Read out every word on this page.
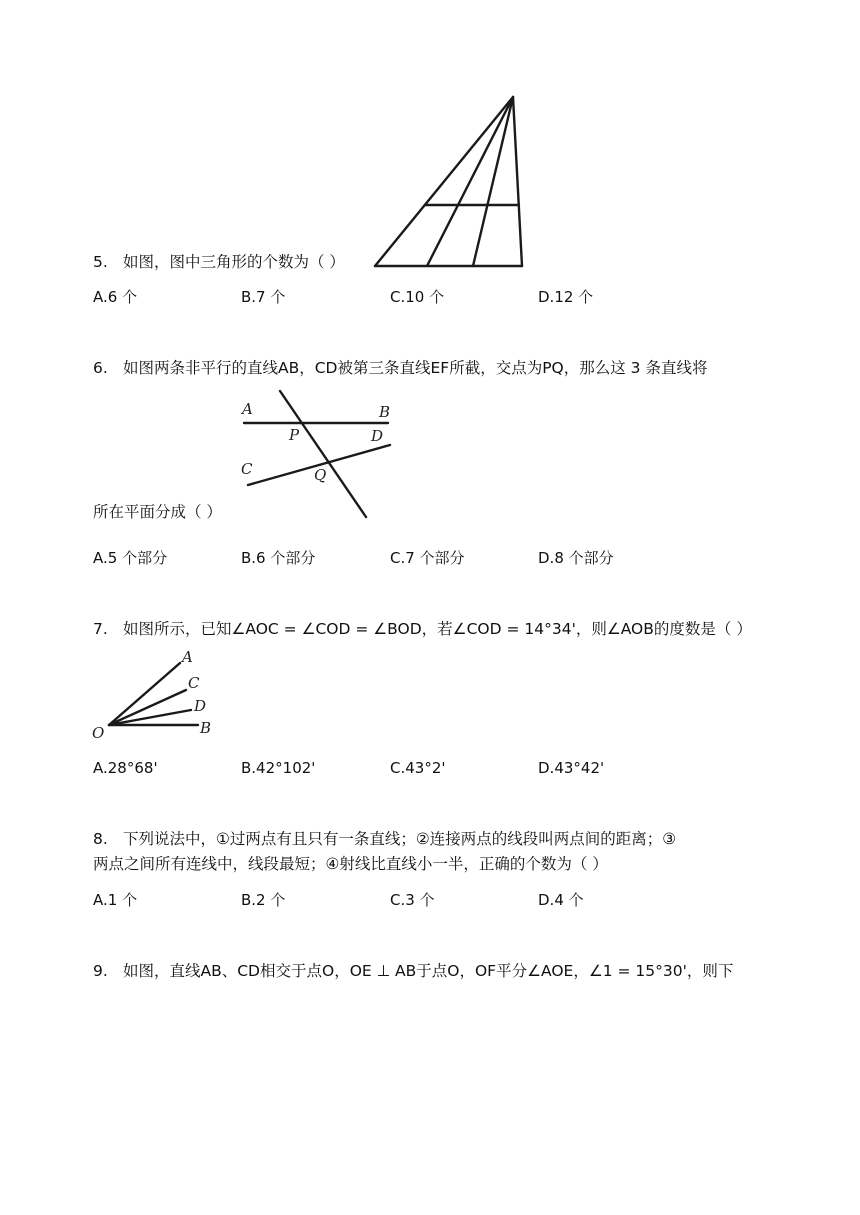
5. 如图，图中三角形的个数为（ ）
A.6 个	B.7 个	C.10 个	D.12 个
6. 如图两条非平行的直线AB，CD被第三条直线EF所截，交点为PQ，那么这 3 条直线将
A	B
P	D
C	Q
所在平面分成（ ）
A.5 个部分	B.6 个部分	C.7 个部分	D.8 个部分
7. 如图所示，已知∠AOC = ∠COD = ∠BOD，若∠COD = 14°34'，则∠AOB的度数是（ ）
O
A
C
D
B
A.28°68'	B.42°102'	C.43°2'	D.43°42'
8. 下列说法中，①过两点有且只有一条直线；②连接两点的线段叫两点间的距离；③
两点之间所有连线中，线段最短；④射线比直线小一半，正确的个数为（ ）
A.1 个	B.2 个	C.3 个	D.4 个
9. 如图，直线AB、CD相交于点O，OE ⊥ AB于点O，OF平分∠AOE，∠1 = 15°30'，则下
